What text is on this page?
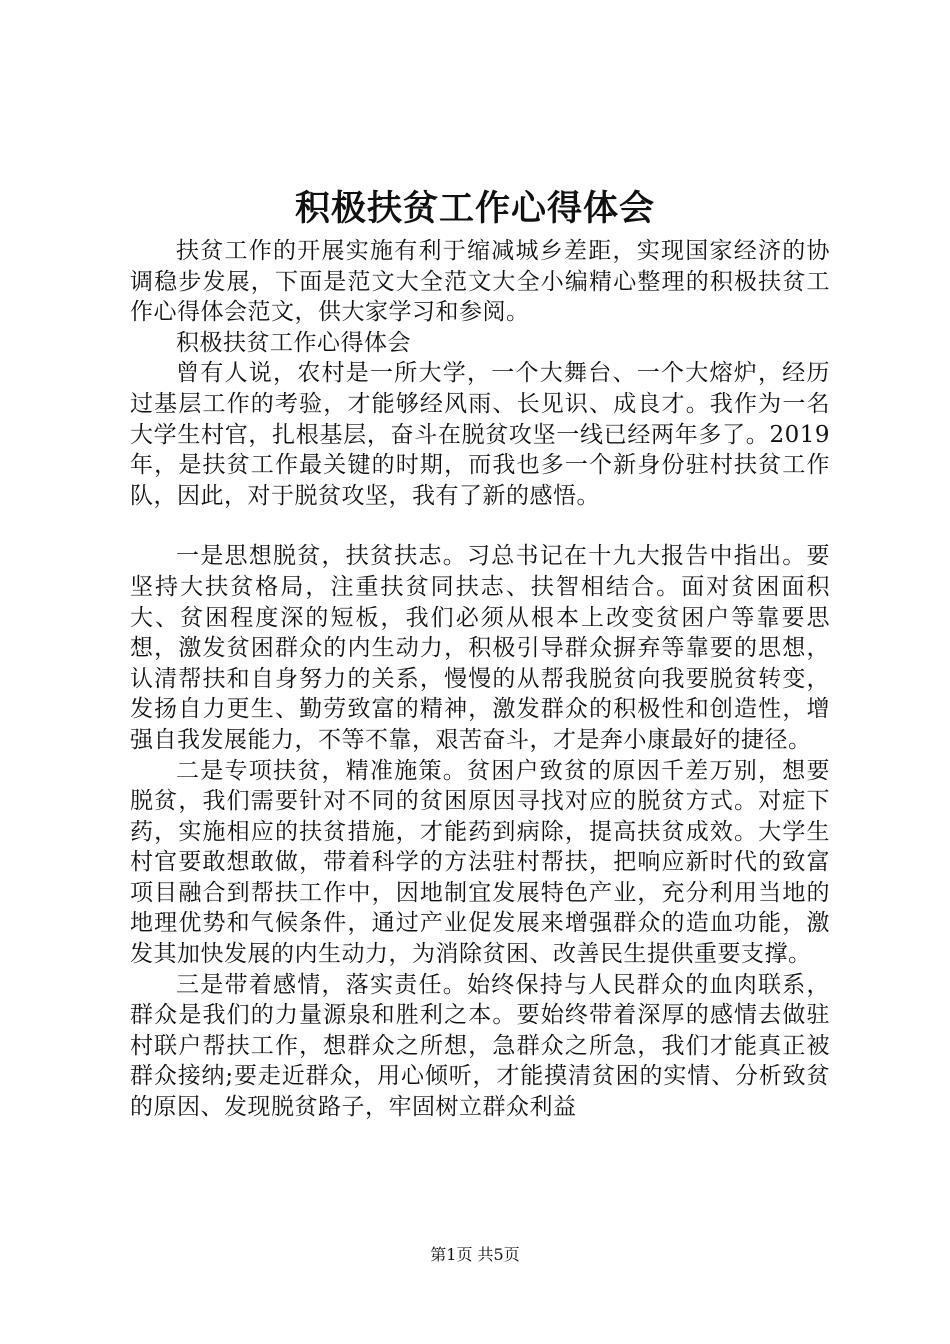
积极扶贫工作心得体会

扶贫工作的开展实施有利于缩减城乡差距，实现国家经济的协调稳步发展，下面是范文大全范文大全小编精心整理的积极扶贫工作心得体会范文，供大家学习和参阅。

积极扶贫工作心得体会

曾有人说，农村是一所大学，一个大舞台、一个大熔炉，经历过基层工作的考验，才能够经风雨、长见识、成良才。我作为一名大学生村官，扎根基层，奋斗在脱贫攻坚一线已经两年多了。2019年，是扶贫工作最关键的时期，而我也多一个新身份驻村扶贫工作队，因此，对于脱贫攻坚，我有了新的感悟。

一是思想脱贫，扶贫扶志。习总书记在十九大报告中指出。要坚持大扶贫格局，注重扶贫同扶志、扶智相结合。面对贫困面积大、贫困程度深的短板，我们必须从根本上改变贫困户等靠要思想，激发贫困群众的内生动力，积极引导群众摒弃等靠要的思想，认清帮扶和自身努力的关系，慢慢的从帮我脱贫向我要脱贫转变，发扬自力更生、勤劳致富的精神，激发群众的积极性和创造性，增强自我发展能力，不等不靠，艰苦奋斗，才是奔小康最好的捷径。

二是专项扶贫，精准施策。贫困户致贫的原因千差万别，想要脱贫，我们需要针对不同的贫困原因寻找对应的脱贫方式。对症下药，实施相应的扶贫措施，才能药到病除，提高扶贫成效。大学生村官要敢想敢做，带着科学的方法驻村帮扶，把响应新时代的致富项目融合到帮扶工作中，因地制宜发展特色产业，充分利用当地的地理优势和气候条件，通过产业促发展来增强群众的造血功能，激发其加快发展的内生动力，为消除贫困、改善民生提供重要支撑。

三是带着感情，落实责任。始终保持与人民群众的血肉联系，群众是我们的力量源泉和胜利之本。要始终带着深厚的感情去做驻村联户帮扶工作，想群众之所想，急群众之所急，我们才能真正被群众接纳;要走近群众，用心倾听，才能摸清贫困的实情、分析致贫的原因、发现脱贫路子，牢固树立群众利益

第1页 共5页
